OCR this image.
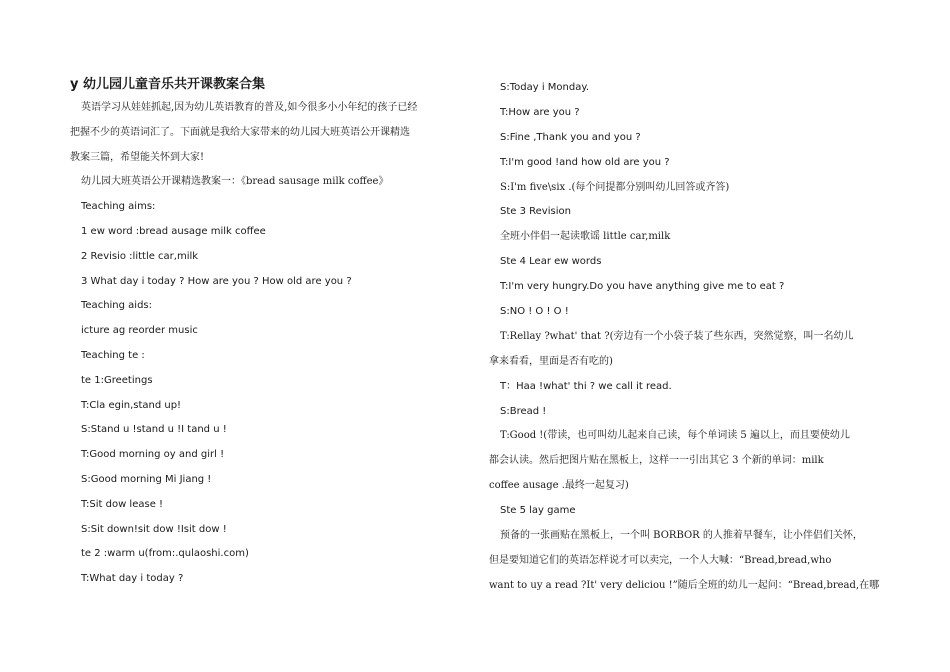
y 幼儿园儿童音乐共开课教案合集
英语学习从娃娃抓起,因为幼儿英语教育的普及,如今很多小小年纪的孩子已经
把握不少的英语词汇了。下面就是我给大家带来的幼儿园大班英语公开课精选
教案三篇，希望能关怀到大家!
幼儿园大班英语公开课精选教案一：《bread sausage milk coffee》
Teaching aims:
1 ew word :bread ausage milk coffee
2 Revisio :little car,milk
3 What day i today ? How are you ? How old are you ?
Teaching aids:
icture ag reorder music
Teaching te :
te 1:Greetings
T:Cla egin,stand up!
S:Stand u !stand u !I tand u !
T:Good morning oy and girl !
S:Good morning Mi Jiang !
T:Sit dow lease !
S:Sit down!sit dow !Isit dow !
te 2 :warm u(from:.qulaoshi.com)
T:What day i today ?
S:Today i Monday.
T:How are you ?
S:Fine ,Thank you and you ?
T:I'm good !and how old are you ?
S:I'm five\six .(每个问提都分别叫幼儿回答或齐答)
Ste 3 Revision
全班小伴侣一起读歌谣 little car,milk
Ste 4 Lear ew words
T:I'm very hungry.Do you have anything give me to eat ?
S:NO ! O ! O !
T:Rellay ?what' that ?(旁边有一个小袋子装了些东西，突然觉察，叫一名幼儿
拿来看看，里面是否有吃的)
T：Haa !what' thi ? we call it read.
S:Bread !
T:Good !(带读，也可叫幼儿起来自己读，每个单词读 5 遍以上，而且要使幼儿
都会认读。然后把图片贴在黑板上，这样一一引出其它 3 个新的单词：milk
coffee ausage .最终一起复习)
Ste 5 lay game
预备的一张画贴在黑板上，一个叫 BORBOR 的人推着早餐车，让小伴侣们关怀，
但是要知道它们的英语怎样说才可以卖完，一个人大喊：“Bread,bread,who
want to uy a read ?It' very deliciou !”随后全班的幼儿一起问：“Bread,bread,在哪
